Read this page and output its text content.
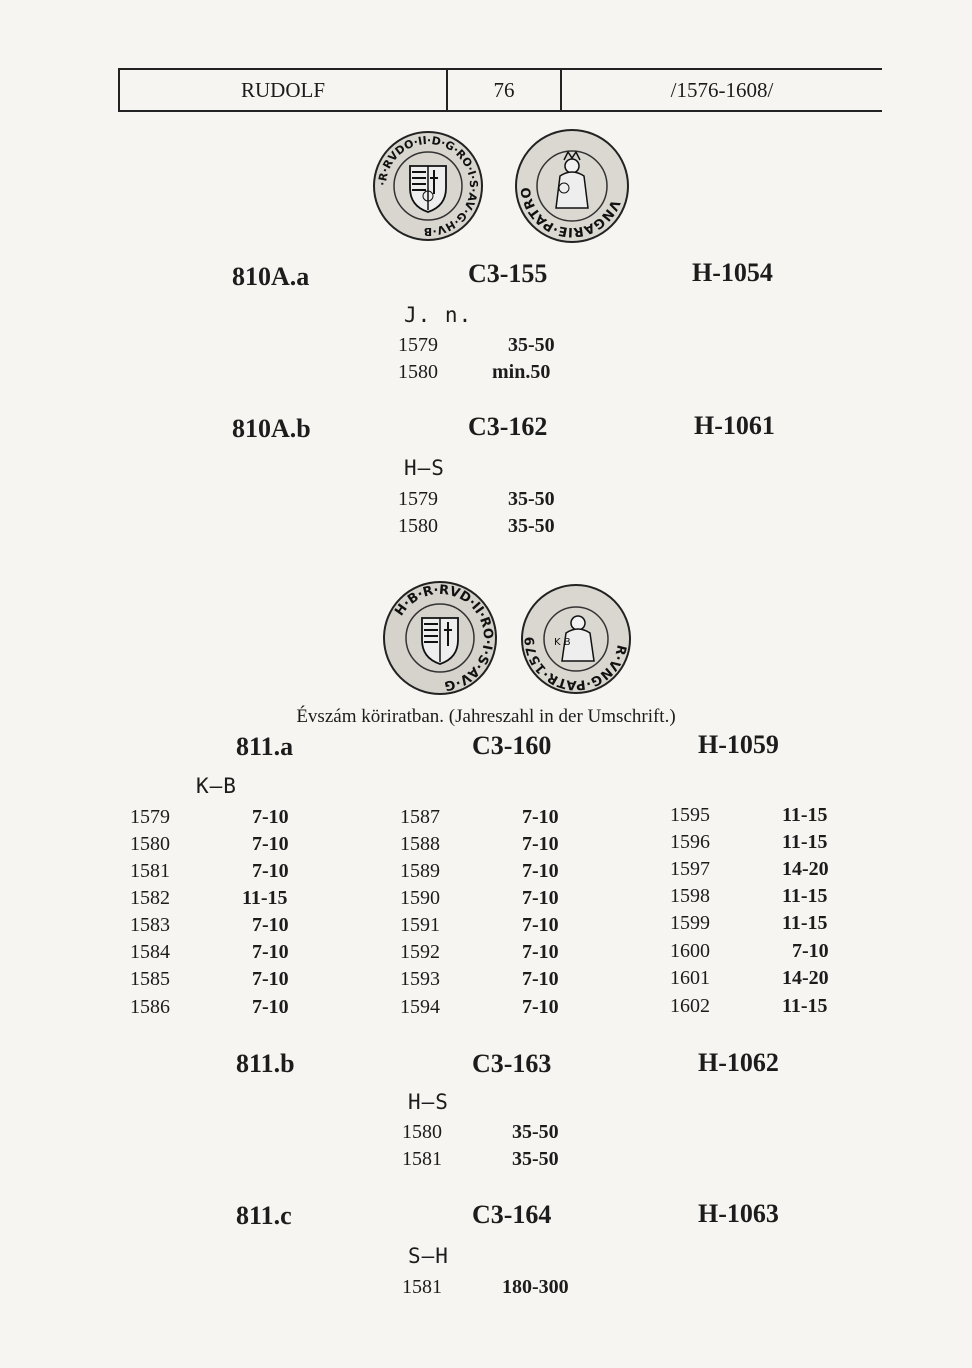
RUDOLF	76	/1576-1608/
·R·RVDO·II·D·G·RO·I·S·AV·G·HV·B
VNGARIE·PATRO
810A.a	C3-155	H-1054
J. n.
1579	35-50
1580	min.50
810A.b	C3-162	H-1061
H—S
1579	35-50
1580	35-50
H·B·R·RVD·II·RO·I·S·AV·G
R·VNG·PATR·1579	K B
Évszám köriratban. (Jahreszahl in der Umschrift.)
811.a	C3-160	H-1059
K—B
1579	7-10
1580	7-10
1581	7-10
1582	11-15
1583	7-10
1584	7-10
1585	7-10
1586	7-10
1587	7-10
1588	7-10
1589	7-10
1590	7-10
1591	7-10
1592	7-10
1593	7-10
1594	7-10
1595	11-15
1596	11-15
1597	14-20
1598	11-15
1599	11-15
1600	7-10
1601	14-20
1602	11-15
811.b	C3-163	H-1062
H—S
1580	35-50
1581	35-50
811.c	C3-164	H-1063
S—H
1581	180-300
